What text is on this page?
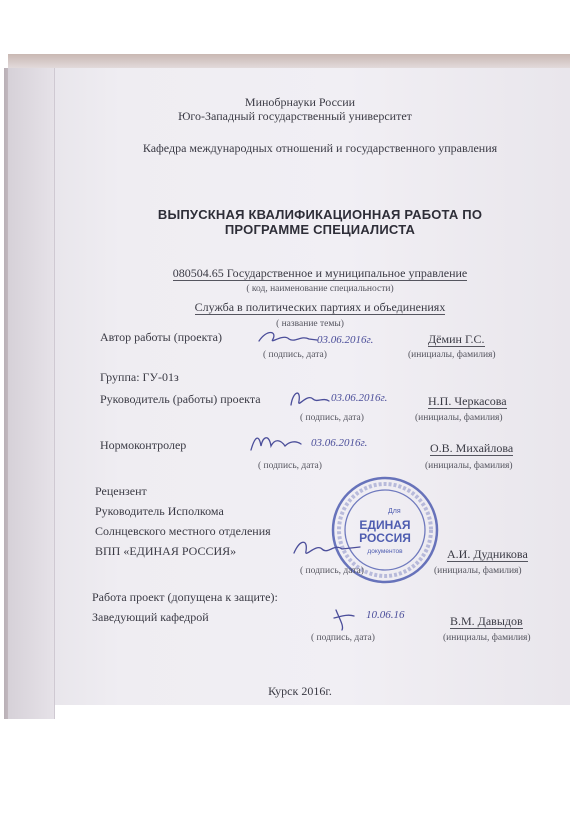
Минобрнауки России
Юго-Западный государственный университет
Кафедра международных отношений и государственного управления
ВЫПУСКНАЯ КВАЛИФИКАЦИОННАЯ РАБОТА ПО
ПРОГРАММЕ СПЕЦИАЛИСТА
080504.65 Государственное и муниципальное управление
( код, наименование специальности)
Служба в политических партиях и объединениях
( название темы)
Автор работы (проекта)	03.06.2016г.	Дёмин Г.С.
( подпись, дата)	(инициалы, фамилия)
Группа: ГУ-01з
Руководитель (работы) проекта	03.06.2016г.	Н.П. Черкасова
( подпись, дата)	(инициалы, фамилия)
Нормоконтролер	03.06.2016г.	О.В. Михайлова
( подпись, дата)	(инициалы, фамилия)
Рецензент
Руководитель Исполкома
Солнцевского местного отделения
ВПП «ЕДИНАЯ РОССИЯ»
Для
ЕДИНАЯ
РОССИЯ
документов	А.И. Дудникова
( подпись, дата)	(инициалы, фамилия)
Работа проект (допущена к защите):
Заведующий кафедрой	10.06.16	В.М. Давыдов
( подпись, дата)	(инициалы, фамилия)
Курск 2016г.
